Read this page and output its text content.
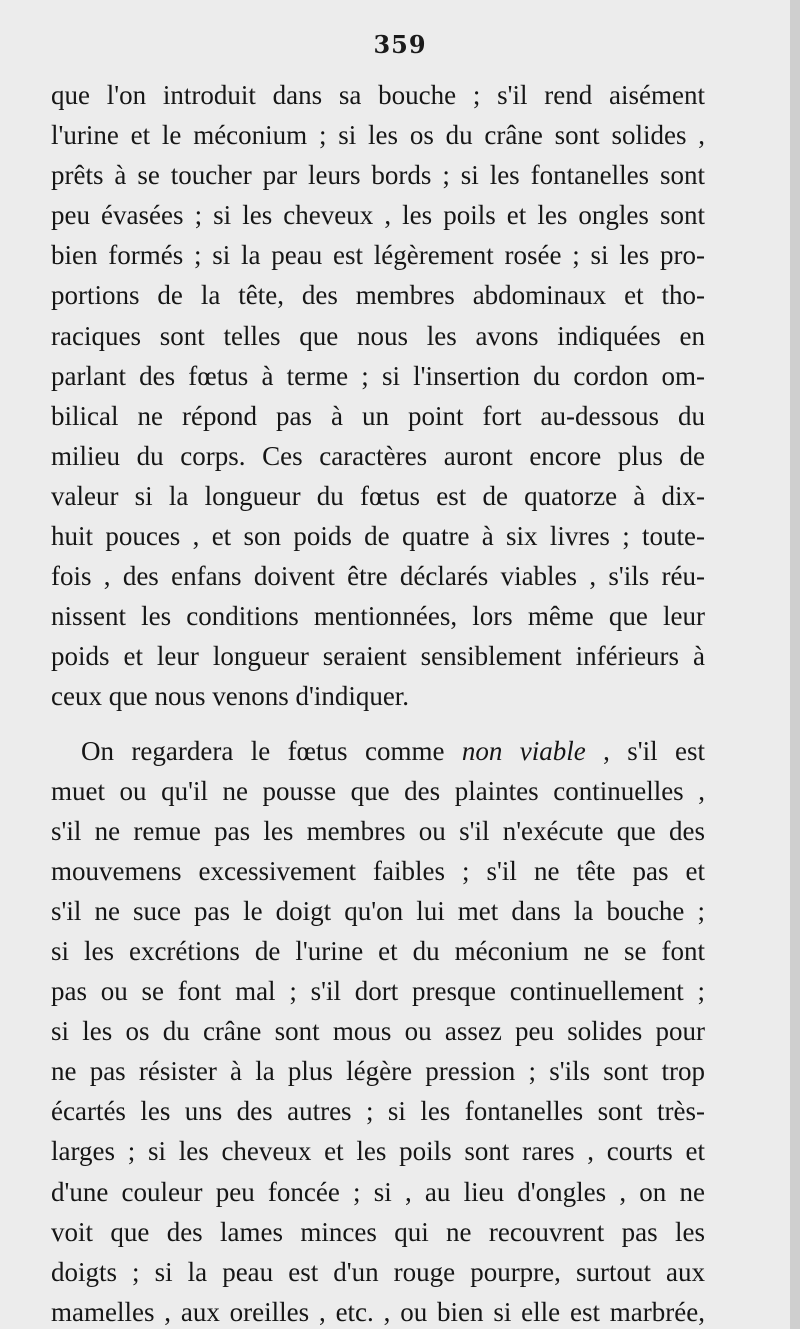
359
que l'on introduit dans sa bouche ; s'il rend aisément
l'urine et le méconium ; si les os du crâne sont solides ,
prêts à se toucher par leurs bords ; si les fontanelles sont
peu évasées ; si les cheveux , les poils et les ongles sont
bien formés ; si la peau est légèrement rosée ; si les pro-
portions de la tête, des membres abdominaux et tho-
raciques sont telles que nous les avons indiquées en
parlant des fœtus à terme ; si l'insertion du cordon om-
bilical ne répond pas à un point fort au-dessous du
milieu du corps. Ces caractères auront encore plus de
valeur si la longueur du fœtus est de quatorze à dix-
huit pouces , et son poids de quatre à six livres ; toute-
fois , des enfans doivent être déclarés viables , s'ils réu-
nissent les conditions mentionnées, lors même que leur
poids et leur longueur seraient sensiblement inférieurs à
ceux que nous venons d'indiquer.
On regardera le fœtus comme non viable , s'il est
muet ou qu'il ne pousse que des plaintes continuelles ,
s'il ne remue pas les membres ou s'il n'exécute que des
mouvemens excessivement faibles ; s'il ne tête pas et
s'il ne suce pas le doigt qu'on lui met dans la bouche ;
si les excrétions de l'urine et du méconium ne se font
pas ou se font mal ; s'il dort presque continuellement ;
si les os du crâne sont mous ou assez peu solides pour
ne pas résister à la plus légère pression ; s'ils sont trop
écartés les uns des autres ; si les fontanelles sont très-
larges ; si les cheveux et les poils sont rares , courts et
d'une couleur peu foncée ; si , au lieu d'ongles , on ne
voit que des lames minces qui ne recouvrent pas les
doigts ; si la peau est d'un rouge pourpre, surtout aux
mamelles , aux oreilles , etc. , ou bien si elle est marbrée,
